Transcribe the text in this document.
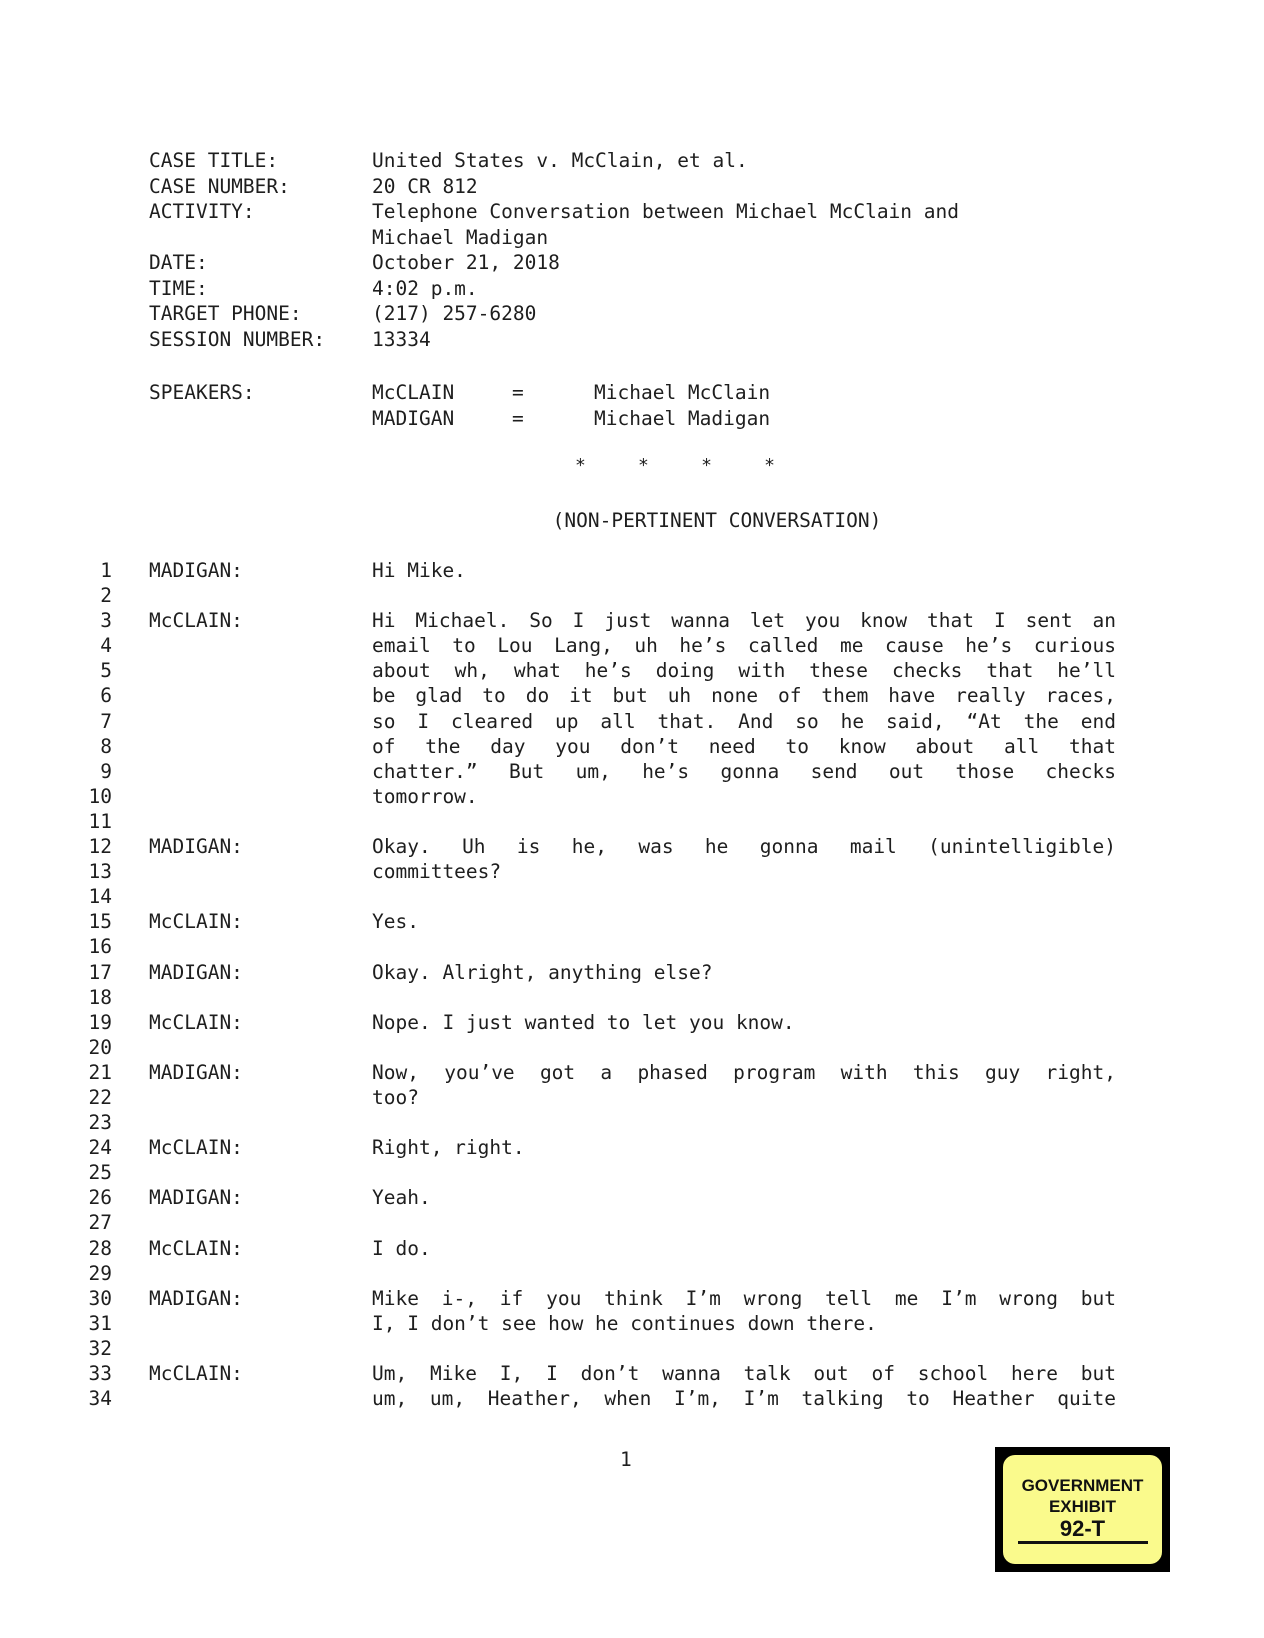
CASE TITLE:	United States v. McClain, et al.
CASE NUMBER:	20 CR 812
ACTIVITY:	Telephone Conversation between Michael McClain and
Michael Madigan
DATE:	October 21, 2018
TIME:	4:02 p.m.
TARGET PHONE:	(217) 257-6280
SESSION NUMBER:	13334
SPEAKERS:	McCLAIN	=	Michael McClain
MADIGAN	=	Michael Madigan
*	*	*	*
(NON-PERTINENT CONVERSATION)
1 MADIGAN:	Hi Mike.
2
3 McCLAIN:	Hi Michael. So I just wanna let you know that I sent an
4	email to Lou Lang, uh he’s called me cause he’s curious
5	about wh, what he’s doing with these checks that he’ll
6	be glad to do it but uh none of them have really races,
7	so I cleared up all that. And so he said, “At the end
8	of the day you don’t need to know about all that
9	chatter.” But um, he’s gonna send out those checks
10	tomorrow.
11
12 MADIGAN:	Okay. Uh is he, was he gonna mail (unintelligible)
13	committees?
14
15 McCLAIN:	Yes.
16
17 MADIGAN:	Okay. Alright, anything else?
18
19 McCLAIN:	Nope. I just wanted to let you know.
20
21 MADIGAN:	Now, you’ve got a phased program with this guy right,
22	too?
23
24 McCLAIN:	Right, right.
25
26 MADIGAN:	Yeah.
27
28 McCLAIN:	I do.
29
30 MADIGAN:	Mike i-, if you think I’m wrong tell me I’m wrong but
31	I, I don’t see how he continues down there.
32
33 McCLAIN:	Um, Mike I, I don’t wanna talk out of school here but
34	um, um, Heather, when I’m, I’m talking to Heather quite
1
GOVERNMENT
EXHIBIT
92-T
